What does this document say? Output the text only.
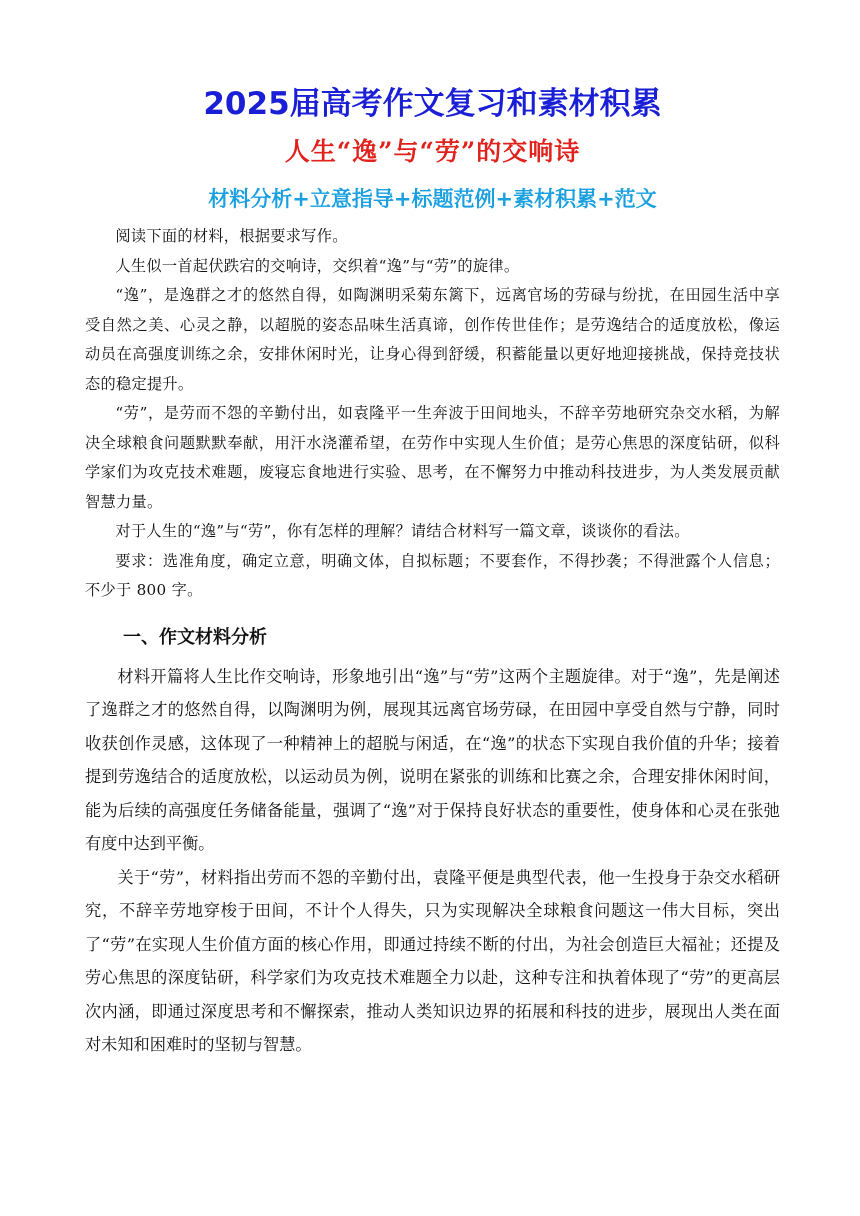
2025届高考作文复习和素材积累
人生“逸”与“劳”的交响诗
材料分析+立意指导+标题范例+素材积累+范文

阅读下面的材料，根据要求写作。

人生似一首起伏跌宕的交响诗，交织着“逸”与“劳”的旋律。

“逸”，是逸群之才的悠然自得，如陶渊明采菊东篱下，远离官场的劳碌与纷扰，在田园生活中享受自然之美、心灵之静，以超脱的姿态品味生活真谛，创作传世佳作；是劳逸结合的适度放松，像运动员在高强度训练之余，安排休闲时光，让身心得到舒缓，积蓄能量以更好地迎接挑战，保持竞技状态的稳定提升。

“劳”，是劳而不怨的辛勤付出，如袁隆平一生奔波于田间地头，不辞辛劳地研究杂交水稻，为解决全球粮食问题默默奉献，用汗水浇灌希望，在劳作中实现人生价值；是劳心焦思的深度钻研，似科学家们为攻克技术难题，废寝忘食地进行实验、思考，在不懈努力中推动科技进步，为人类发展贡献智慧力量。

对于人生的“逸”与“劳”，你有怎样的理解？请结合材料写一篇文章，谈谈你的看法。

要求：选准角度，确定立意，明确文体，自拟标题；不要套作，不得抄袭；不得泄露个人信息；不少于 800 字。

一、作文材料分析

材料开篇将人生比作交响诗，形象地引出“逸”与“劳”这两个主题旋律。对于“逸”，先是阐述了逸群之才的悠然自得，以陶渊明为例，展现其远离官场劳碌，在田园中享受自然与宁静，同时收获创作灵感，这体现了一种精神上的超脱与闲适，在“逸”的状态下实现自我价值的升华；接着提到劳逸结合的适度放松，以运动员为例，说明在紧张的训练和比赛之余，合理安排休闲时间，能为后续的高强度任务储备能量，强调了“逸”对于保持良好状态的重要性，使身体和心灵在张弛有度中达到平衡。

关于“劳”，材料指出劳而不怨的辛勤付出，袁隆平便是典型代表，他一生投身于杂交水稻研究，不辞辛劳地穿梭于田间，不计个人得失，只为实现解决全球粮食问题这一伟大目标，突出了“劳”在实现人生价值方面的核心作用，即通过持续不断的付出，为社会创造巨大福祉；还提及劳心焦思的深度钻研，科学家们为攻克技术难题全力以赴，这种专注和执着体现了“劳”的更高层次内涵，即通过深度思考和不懈探索，推动人类知识边界的拓展和科技的进步，展现出人类在面对未知和困难时的坚韧与智慧。
